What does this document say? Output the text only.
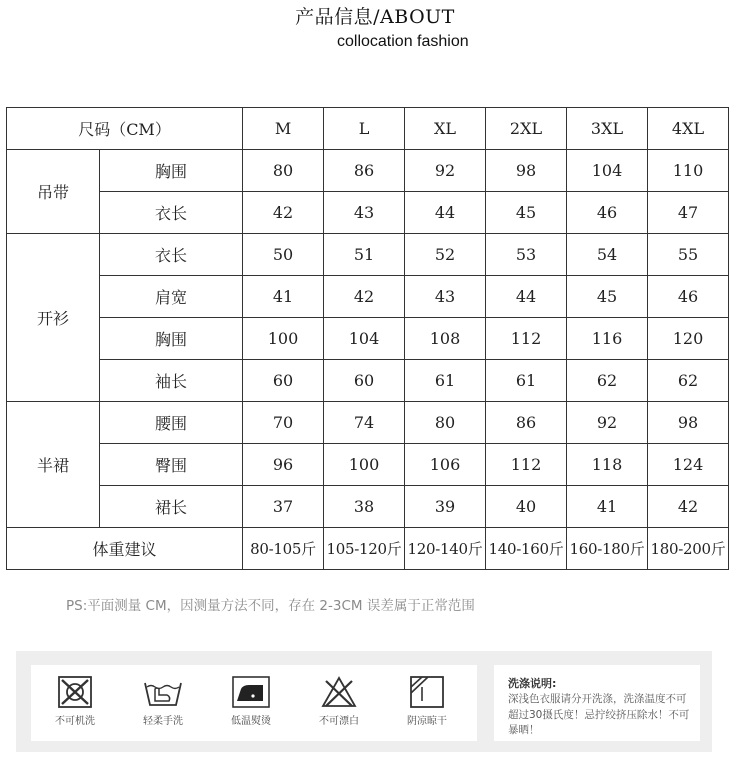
产品信息/ABOUT
collocation fashion
尺码（CM）		M	L	XL	2XL	3XL	4XL
吊带	胸围	80	86	92	98	104	110
	衣长	42	43	44	45	46	47
开衫	衣长	50	51	52	53	54	55
	肩宽	41	42	43	44	45	46
	胸围	100	104	108	112	116	120
	袖长	60	60	61	61	62	62
半裙	腰围	70	74	80	86	92	98
	臀围	96	100	106	112	118	124
	裙长	37	38	39	40	41	42
体重建议		80-105斤	105-120斤	120-140斤	140-160斤	160-180斤	180-200斤
PS:平面测量 CM，因测量方法不同，存在 2-3CM 误差属于正常范围
不可机洗	轻柔手洗	低温熨烫	不可漂白	阴凉晾干
洗涤说明:
深浅色衣服请分开洗涤，洗涤温度不可超过30摄氏度！忌拧绞挤压除水！不可暴晒！
